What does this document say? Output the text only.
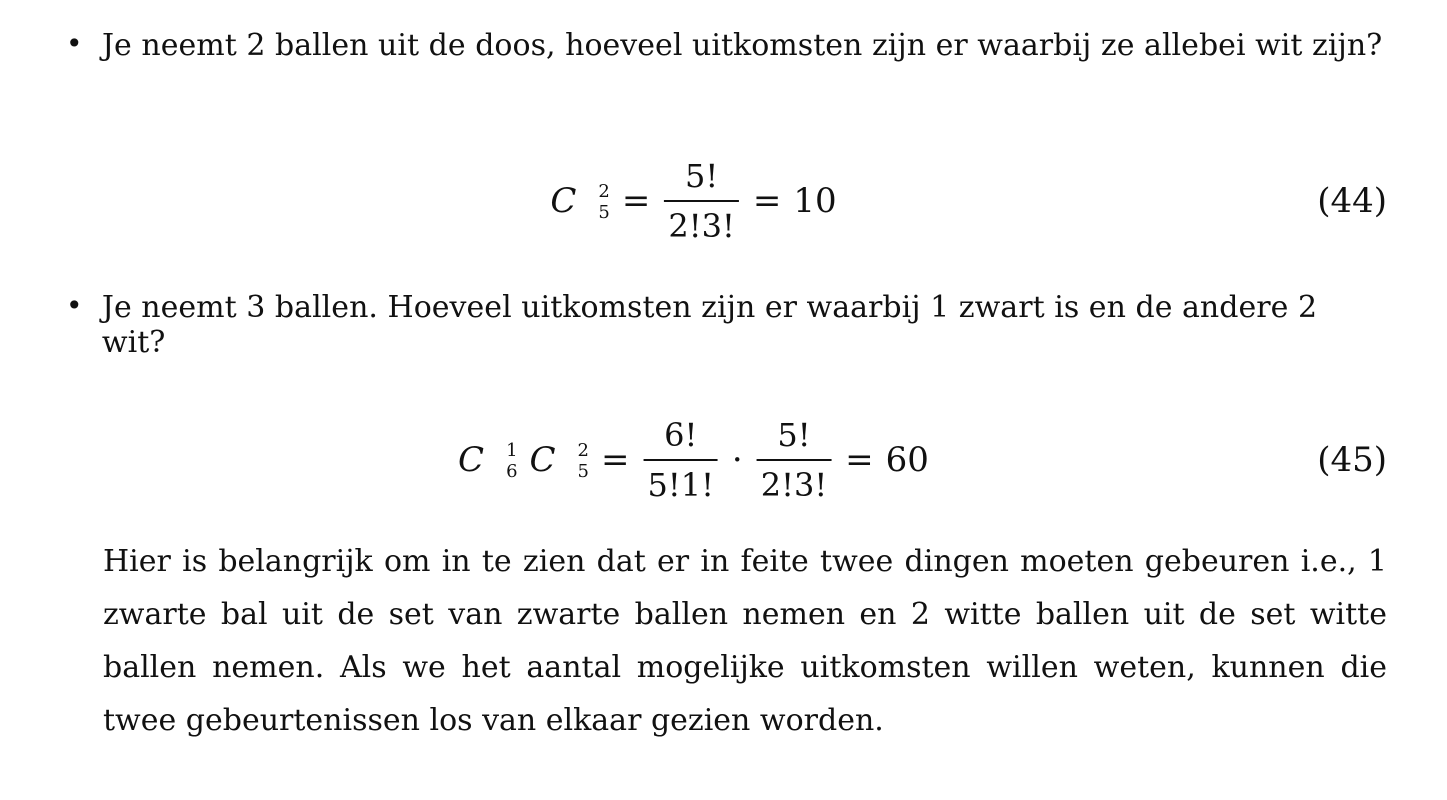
• Je neemt 2 ballen uit de doos, hoeveel uitkomsten zijn er waarbij ze allebei wit zijn?
C	2
$5 = \frac{5!}{2!3!} = 10$	(44)
• Je neemt 3 ballen. Hoeveel uitkomsten zijn er waarbij 1 zwart is en de andere 2 wit?
C	1
6 C	2
$5 = \frac{6!}{5!1!} \cdot \frac{5!}{2!3!} = 60$	(45)

Hier is belangrijk om in te zien dat er in feite twee dingen moeten gebeuren i.e., 1 zwarte bal uit de set van zwarte ballen nemen en 2 witte ballen uit de set witte ballen nemen. Als we het aantal mogelijke uitkomsten willen weten, kunnen die twee gebeurtenissen los van elkaar gezien worden.
